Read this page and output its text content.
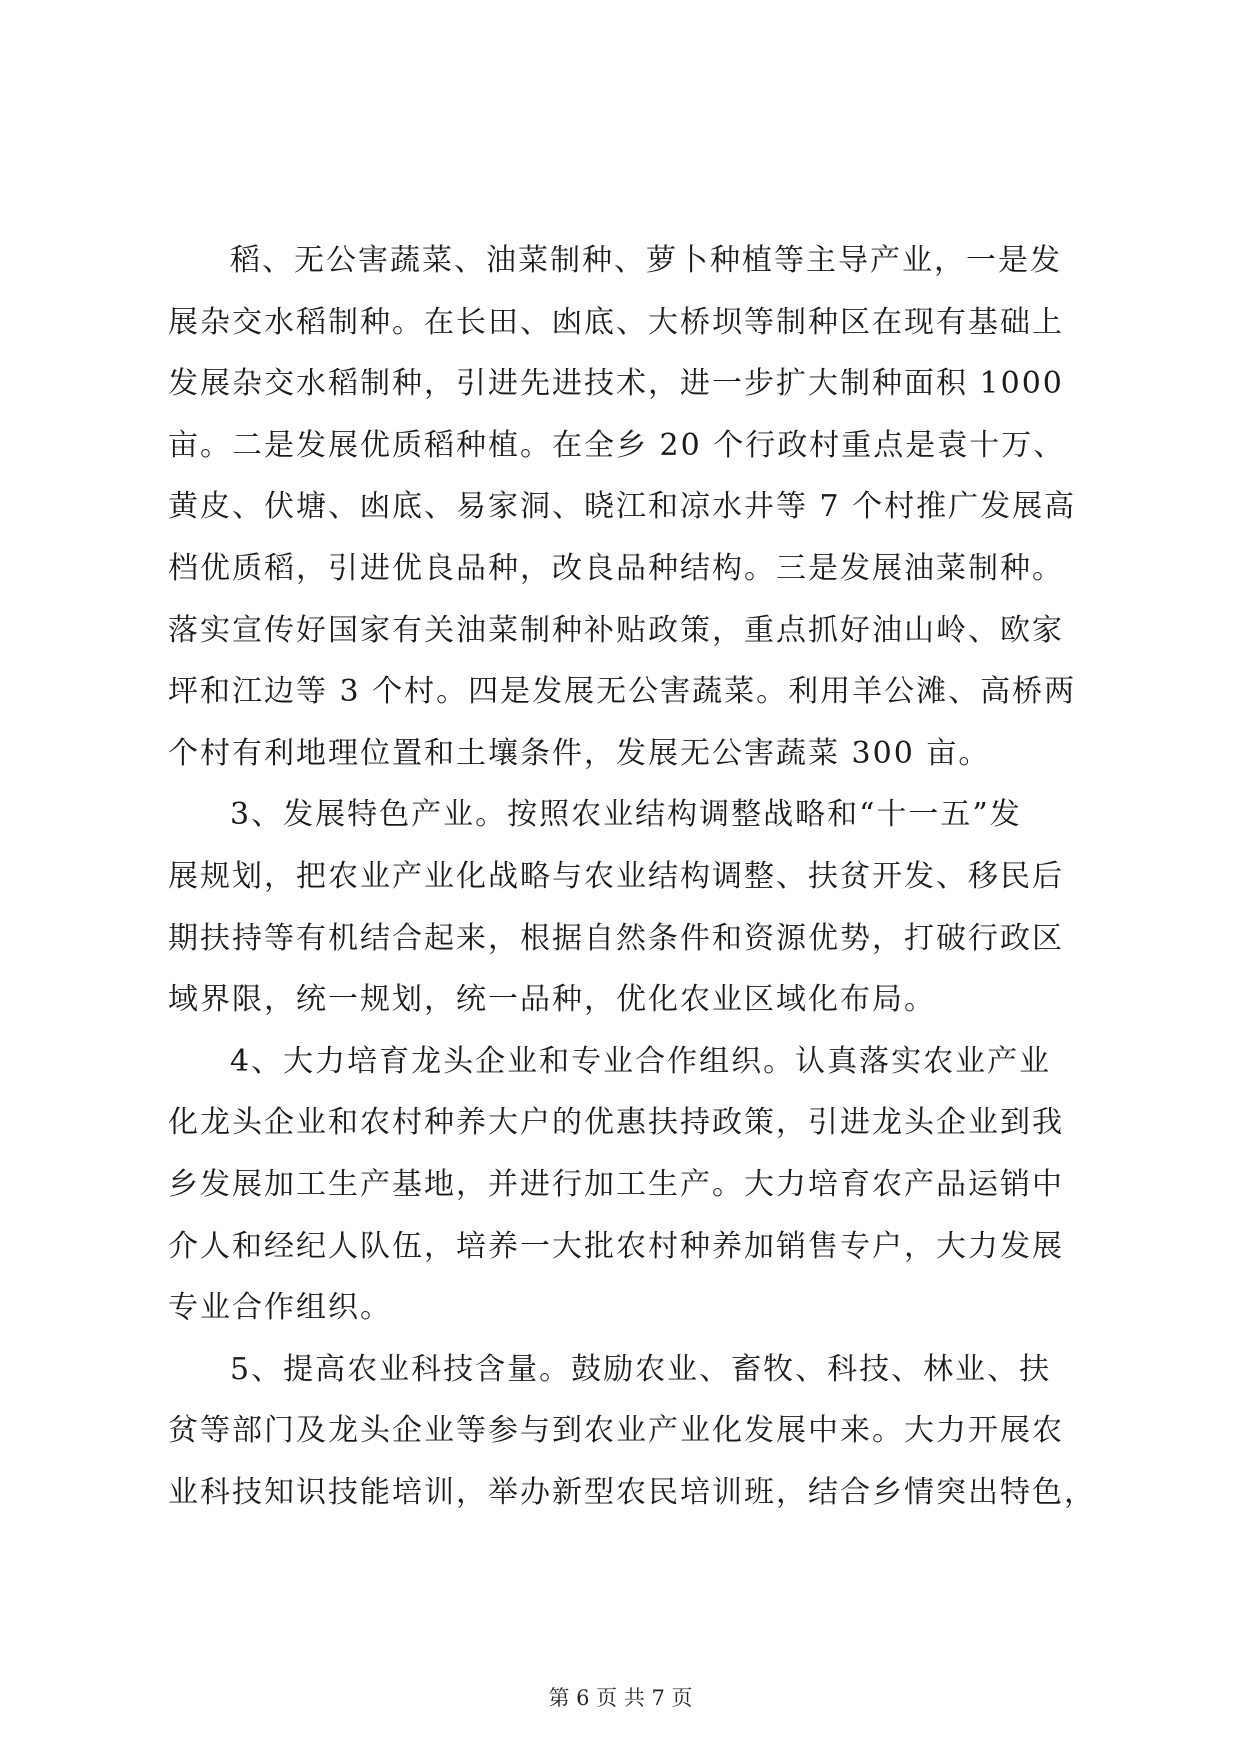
稻、无公害蔬菜、油菜制种、萝卜种植等主导产业，一是发
展杂交水稻制种。在长田、凼底、大桥坝等制种区在现有基础上
发展杂交水稻制种，引进先进技术，进一步扩大制种面积 1000
亩。二是发展优质稻种植。在全乡 20 个行政村重点是袁十万、
黄皮、伏塘、凼底、易家洞、晓江和凉水井等 7 个村推广发展高
档优质稻，引进优良品种，改良品种结构。三是发展油菜制种。
落实宣传好国家有关油菜制种补贴政策，重点抓好油山岭、欧家
坪和江边等 3 个村。四是发展无公害蔬菜。利用羊公滩、高桥两
个村有利地理位置和土壤条件，发展无公害蔬菜 300 亩。
3、发展特色产业。按照农业结构调整战略和“十一五”发
展规划，把农业产业化战略与农业结构调整、扶贫开发、移民后
期扶持等有机结合起来，根据自然条件和资源优势，打破行政区
域界限，统一规划，统一品种，优化农业区域化布局。
4、大力培育龙头企业和专业合作组织。认真落实农业产业
化龙头企业和农村种养大户的优惠扶持政策，引进龙头企业到我
乡发展加工生产基地，并进行加工生产。大力培育农产品运销中
介人和经纪人队伍，培养一大批农村种养加销售专户，大力发展
专业合作组织。
5、提高农业科技含量。鼓励农业、畜牧、科技、林业、扶
贫等部门及龙头企业等参与到农业产业化发展中来。大力开展农
业科技知识技能培训，举办新型农民培训班，结合乡情突出特色，
第 6 页 共 7 页
